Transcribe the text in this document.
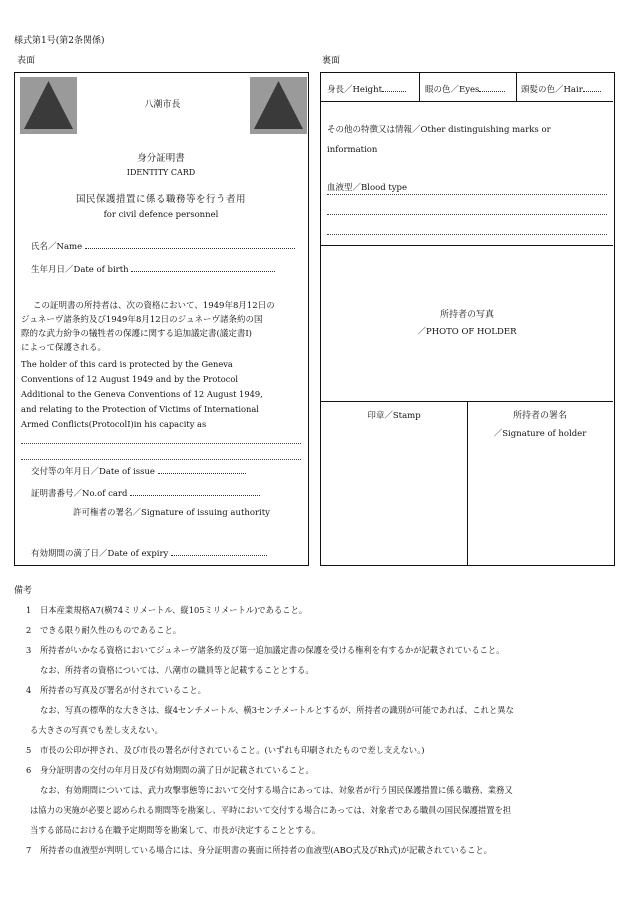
様式第1号(第2条関係)
表面	裏面
八潮市長
身分証明書
IDENTITY CARD
国民保護措置に係る職務等を行う者用
for civil defence personnel
氏名／Name
生年月日／Date of birth
この証明書の所持者は、次の資格において、1949年8月12日の
ジュネーヴ諸条約及び1949年8月12日のジュネーヴ諸条約の国
際的な武力紛争の犠牲者の保護に関する追加議定書(議定書Ⅰ)
によって保護される。
The holder of this card is protected by the Geneva
Conventions of 12 August 1949 and by the Protocol
Additional to the Geneva Conventions of 12 August 1949,
and relating to the Protection of Victims of International
Armed Conflicts(ProtocolⅠ)in his capacity as
交付等の年月日／Date of issue
証明書番号／No.of card
許可権者の署名／Signature of issuing authority
有効期間の満了日／Date of expiry
身長／Height	眼の色／Eyes	頭髪の色／Hair
その他の特徴又は情報／Other distinguishing marks or
information
血液型／Blood type
所持者の写真
／PHOTO OF HOLDER
印章／Stamp	所持者の署名
／Signature of holder
備考
1 日本産業規格A7(横74ミリメートル、縦105ミリメートル)であること。
2 できる限り耐久性のものであること。
3 所持者がいかなる資格においてジュネーヴ諸条約及び第一追加議定書の保護を受ける権利を有するかが記載されていること。
なお、所持者の資格については、八潮市の職員等と記載することとする。
4 所持者の写真及び署名が付されていること。
なお、写真の標準的な大きさは、縦4センチメートル、横3センチメートルとするが、所持者の識別が可能であれば、これと異な
る大きさの写真でも差し支えない。
5 市長の公印が押され、及び市長の署名が付されていること。(いずれも印刷されたもので差し支えない。)
6 身分証明書の交付の年月日及び有効期間の満了日が記載されていること。
なお、有効期間については、武力攻撃事態等において交付する場合にあっては、対象者が行う国民保護措置に係る職務、業務又
は協力の実施が必要と認められる期間等を勘案し、平時において交付する場合にあっては、対象者である職員の国民保護措置を担
当する部局における在職予定期間等を勘案して、市長が決定することとする。
7 所持者の血液型が判明している場合には、身分証明書の裏面に所持者の血液型(ABO式及びRh式)が記載されていること。
